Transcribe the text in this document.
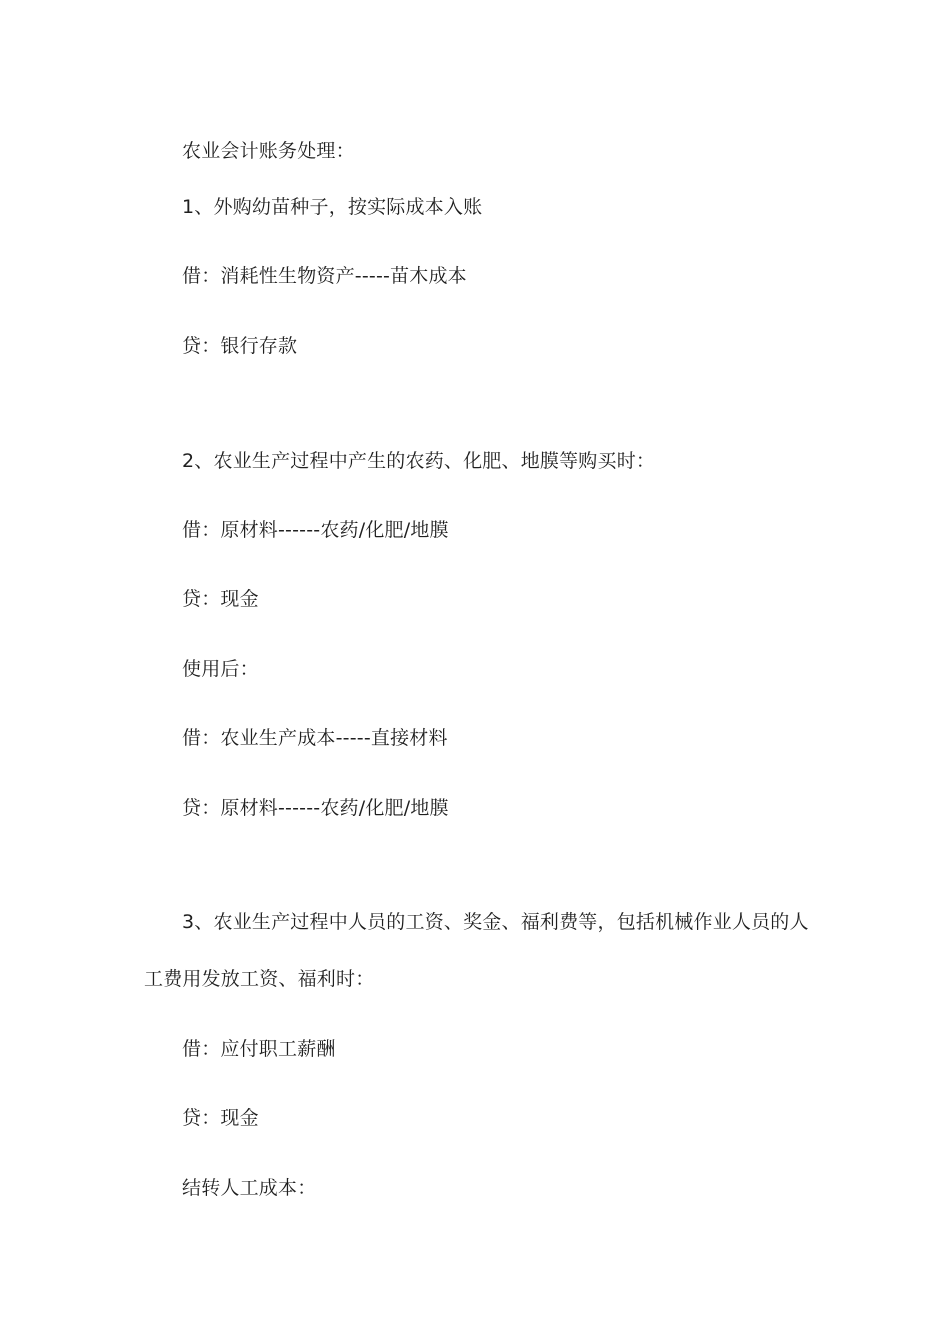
农业会计账务处理：
1、外购幼苗种子，按实际成本入账
借：消耗性生物资产-----苗木成本
贷：银行存款
2、农业生产过程中产生的农药、化肥、地膜等购买时：
借：原材料------农药/化肥/地膜
贷：现金
使用后：
借：农业生产成本-----直接材料
贷：原材料------农药/化肥/地膜
3、农业生产过程中人员的工资、奖金、福利费等，包括机械作业人员的人
工费用发放工资、福利时：
借：应付职工薪酬
贷：现金
结转人工成本：
